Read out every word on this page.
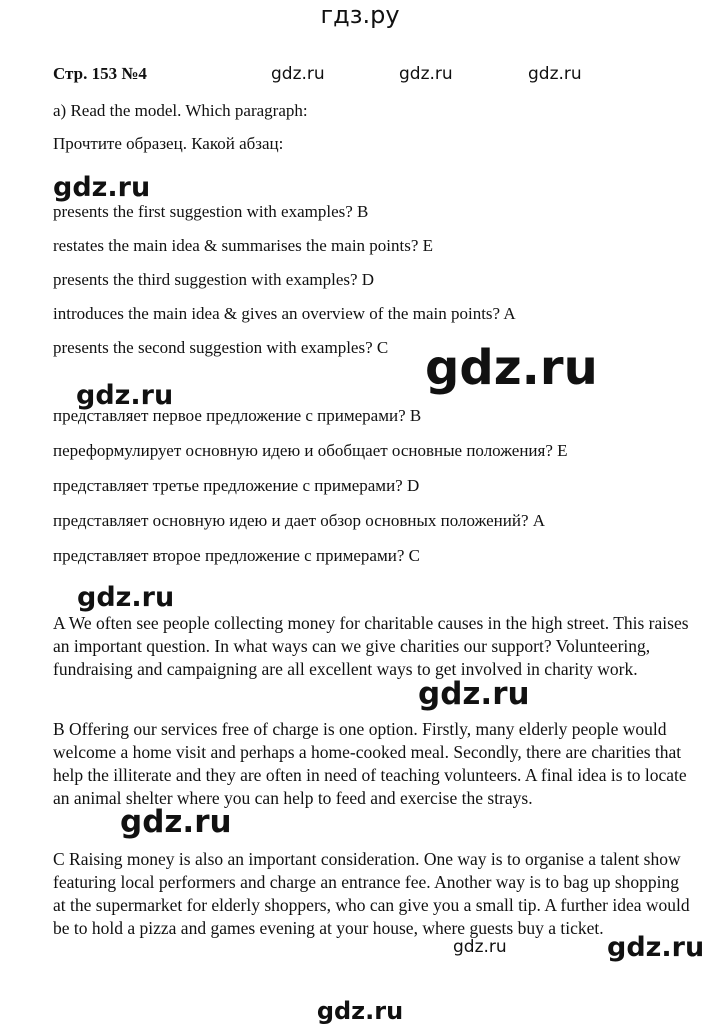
гдз.ру
Стр. 153 №4	gdz.ru	gdz.ru	gdz.ru
a) Read the model. Which paragraph:
Прочтите образец. Какой абзац:
gdz.ru
presents the first suggestion with examples? B
restates the main idea & summarises the main points? E
presents the third suggestion with examples? D
introduces the main idea & gives an overview of the main points? A
presents the second suggestion with examples? C gdz.ru
gdz.ru
представляет первое предложение с примерами? B
переформулирует основную идею и обобщает основные положения? E
представляет третье предложение с примерами? D
представляет основную идею и дает обзор основных положений? A
представляет второе предложение с примерами? C
gdz.ru
A We often see people collecting money for charitable causes in the high street. This raises an important question. In what ways can we give charities our support? Volunteering, fundraising and campaigning are all excellent ways to get involved in charity work.
gdz.ru
B Offering our services free of charge is one option. Firstly, many elderly people would welcome a home visit and perhaps a home-cooked meal. Secondly, there are charities that help the illiterate and they are often in need of teaching volunteers. A final idea is to locate an animal shelter where you can help to feed and exercise the strays.
gdz.ru
C Raising money is also an important consideration. One way is to organise a talent show featuring local performers and charge an entrance fee. Another way is to bag up shopping at the supermarket for elderly shoppers, who can give you a small tip. A further idea would be to hold a pizza and games evening at your house, where guests buy a ticket.
gdz.ru	gdz.ru
gdz.ru
